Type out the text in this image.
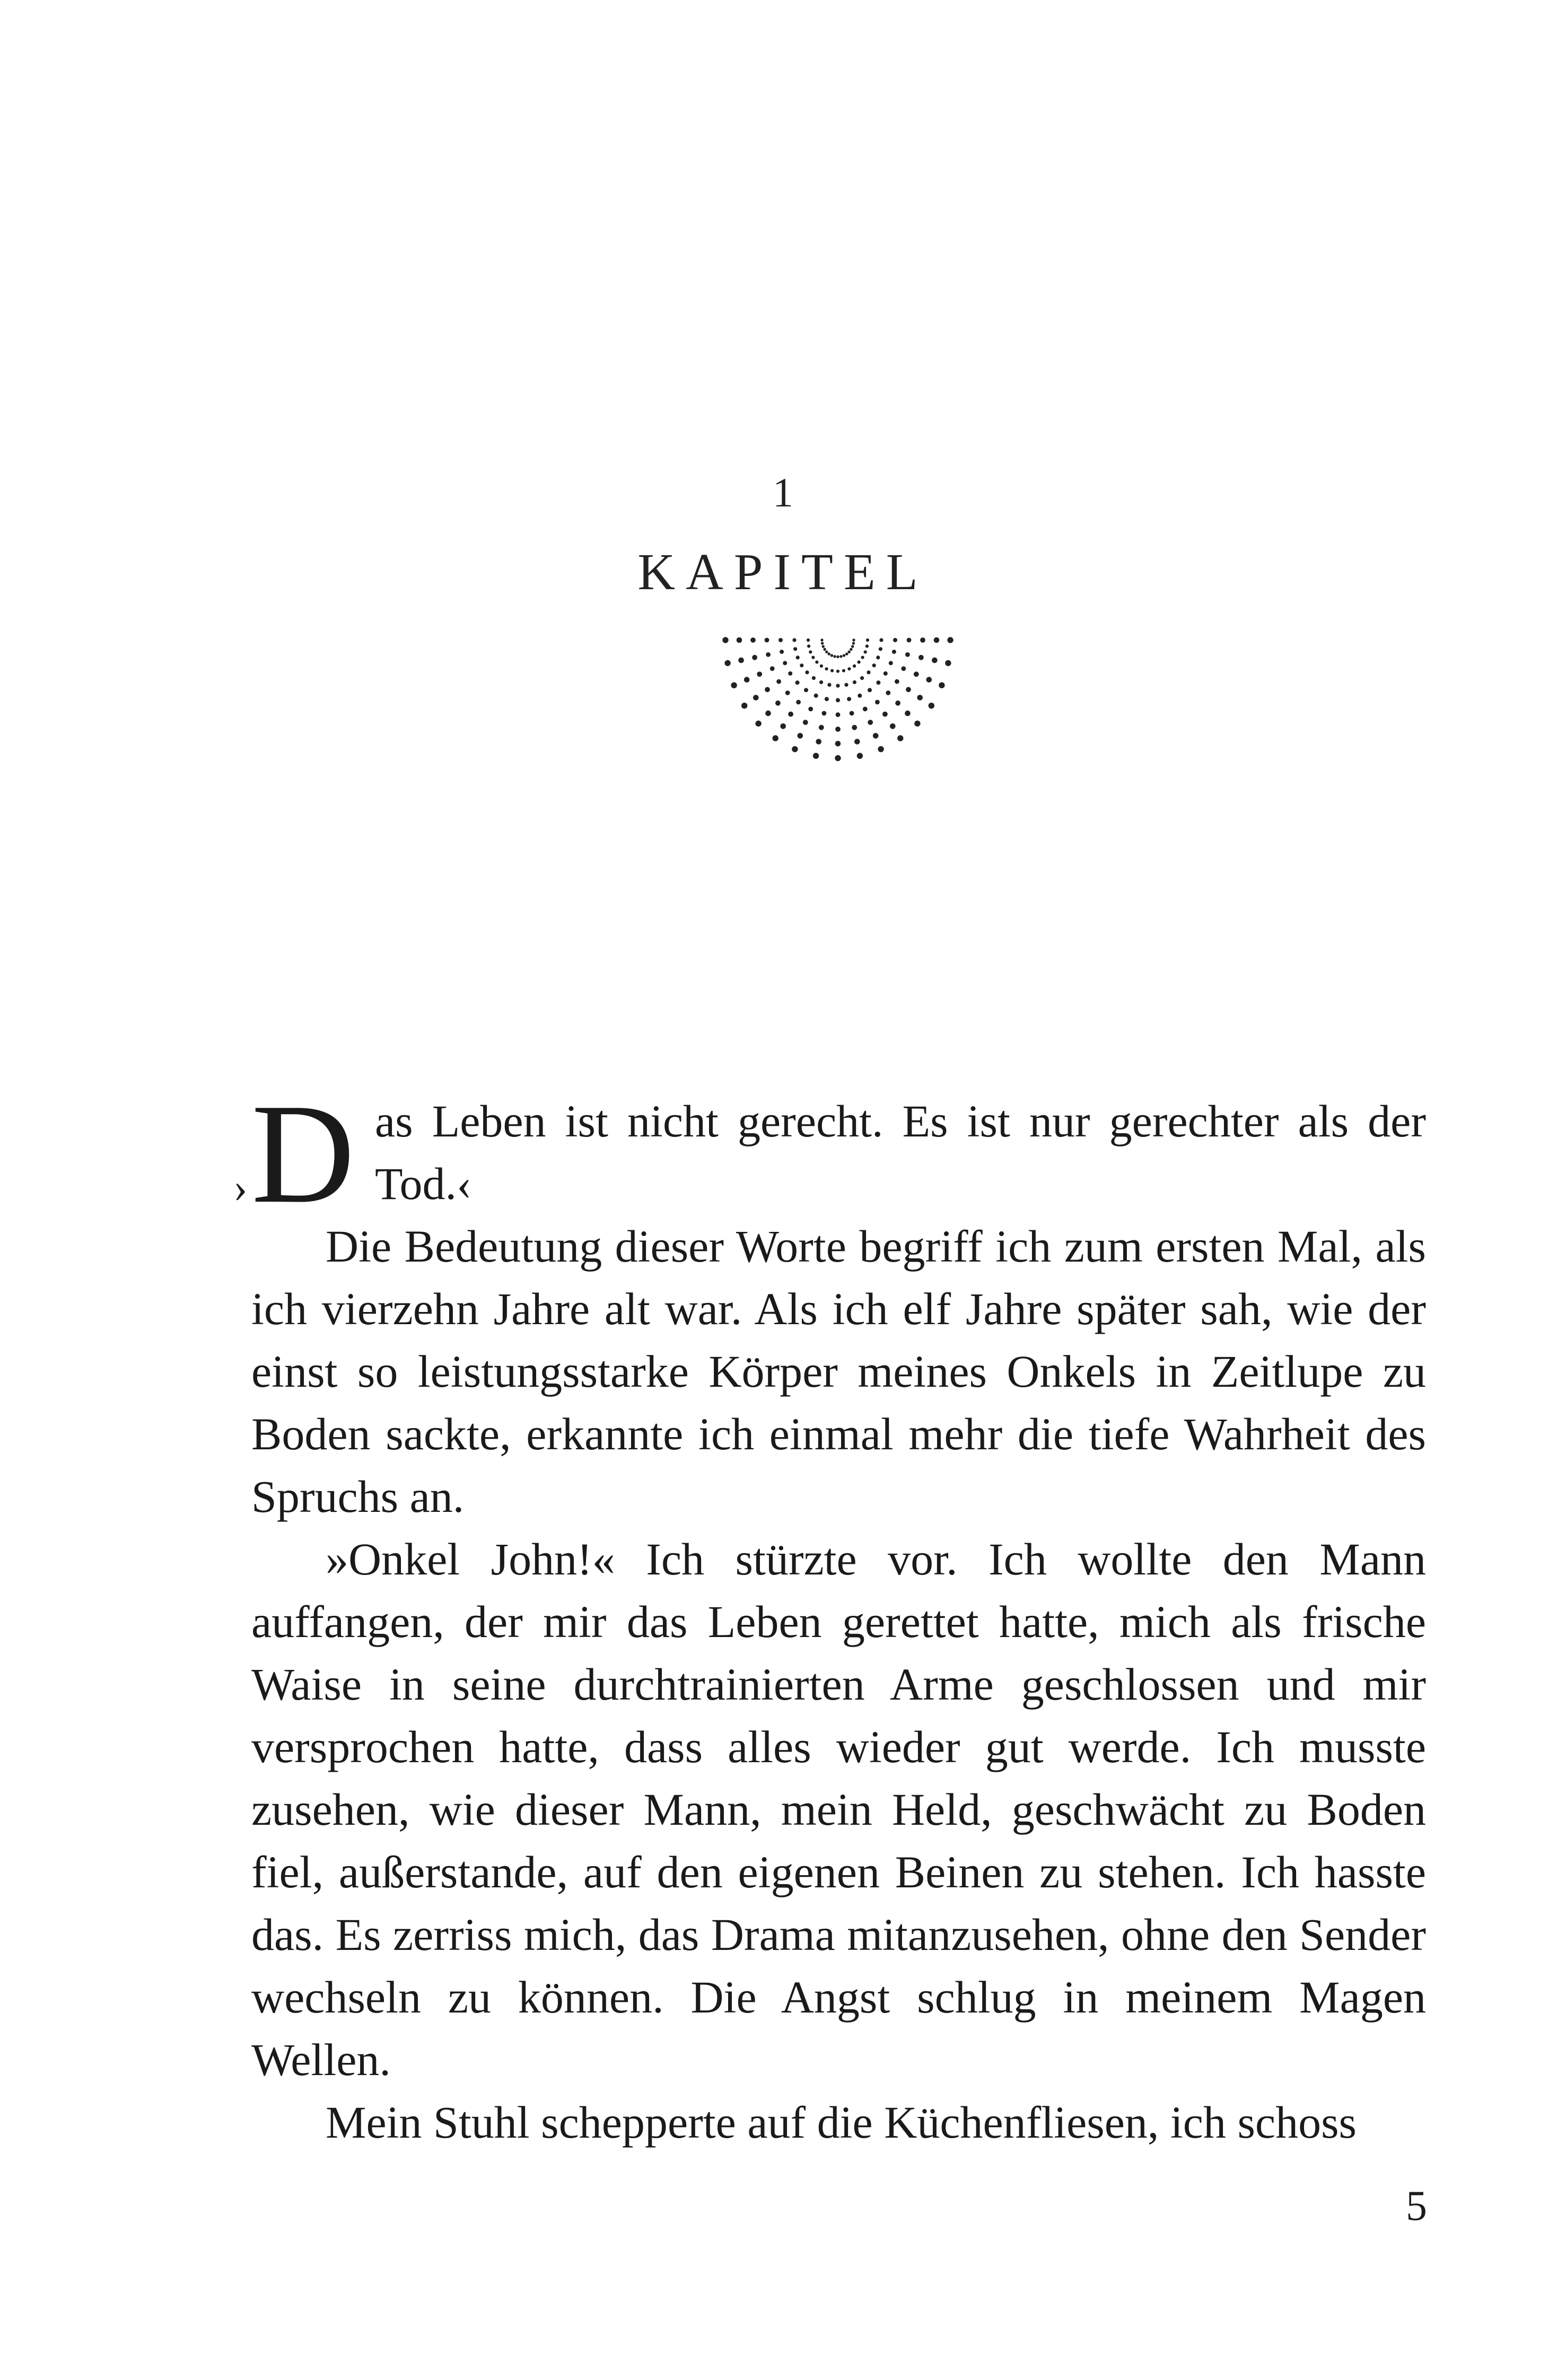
1
KAPITEL
› Das Leben ist nicht gerecht. Es ist nur gerechter als der Tod.‹

Die Bedeutung dieser Worte begriff ich zum ersten Mal, als ich vierzehn Jahre alt war. Als ich elf Jahre später sah, wie der einst so leistungsstarke Körper meines Onkels in Zeitlupe zu Boden sackte, erkannte ich einmal mehr die tiefe Wahrheit des Spruchs an.

»Onkel John!« Ich stürzte vor. Ich wollte den Mann auffangen, der mir das Leben gerettet hatte, mich als frische Waise in seine durchtrainierten Arme geschlossen und mir versprochen hatte, dass alles wieder gut werde. Ich musste zusehen, wie dieser Mann, mein Held, geschwächt zu Boden fiel, außerstande, auf den eigenen Beinen zu stehen. Ich hasste das. Es zerriss mich, das Drama mitanzusehen, ohne den Sender wechseln zu können. Die Angst schlug in meinem Magen Wellen.

Mein Stuhl schepperte auf die Küchenfliesen, ich schoss

5
